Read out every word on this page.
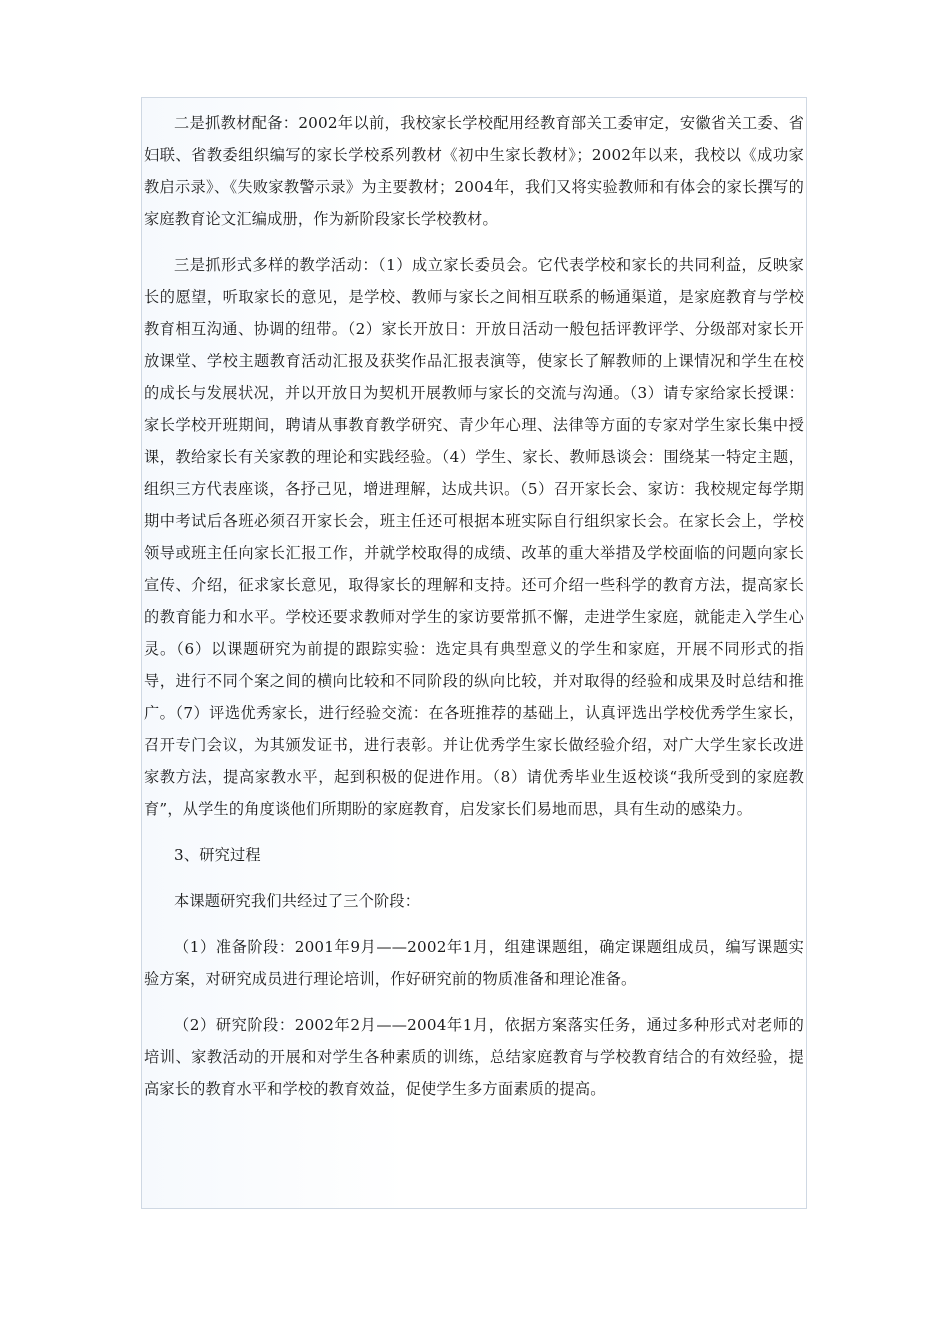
二是抓教材配备：2002年以前，我校家长学校配用经教育部关工委审定，安徽省关工委、省妇联、省教委组织编写的家长学校系列教材《初中生家长教材》；2002年以来，我校以《成功家教启示录》、《失败家教警示录》为主要教材；2004年，我们又将实验教师和有体会的家长撰写的家庭教育论文汇编成册，作为新阶段家长学校教材。

三是抓形式多样的教学活动：（1）成立家长委员会。它代表学校和家长的共同利益，反映家长的愿望，听取家长的意见，是学校、教师与家长之间相互联系的畅通渠道，是家庭教育与学校教育相互沟通、协调的纽带。（2）家长开放日：开放日活动一般包括评教评学、分级部对家长开放课堂、学校主题教育活动汇报及获奖作品汇报表演等，使家长了解教师的上课情况和学生在校的成长与发展状况，并以开放日为契机开展教师与家长的交流与沟通。（3）请专家给家长授课：家长学校开班期间，聘请从事教育教学研究、青少年心理、法律等方面的专家对学生家长集中授课，教给家长有关家教的理论和实践经验。（4）学生、家长、教师恳谈会：围绕某一特定主题，组织三方代表座谈，各抒己见，增进理解，达成共识。（5）召开家长会、家访：我校规定每学期期中考试后各班必须召开家长会，班主任还可根据本班实际自行组织家长会。在家长会上，学校领导或班主任向家长汇报工作，并就学校取得的成绩、改革的重大举措及学校面临的问题向家长宣传、介绍，征求家长意见，取得家长的理解和支持。还可介绍一些科学的教育方法，提高家长的教育能力和水平。学校还要求教师对学生的家访要常抓不懈，走进学生家庭，就能走入学生心灵。（6）以课题研究为前提的跟踪实验：选定具有典型意义的学生和家庭，开展不同形式的指导，进行不同个案之间的横向比较和不同阶段的纵向比较，并对取得的经验和成果及时总结和推广。（7）评选优秀家长，进行经验交流：在各班推荐的基础上，认真评选出学校优秀学生家长，召开专门会议，为其颁发证书，进行表彰。并让优秀学生家长做经验介绍，对广大学生家长改进家教方法，提高家教水平，起到积极的促进作用。（8）请优秀毕业生返校谈“我所受到的家庭教育”，从学生的角度谈他们所期盼的家庭教育，启发家长们易地而思，具有生动的感染力。

3、研究过程

本课题研究我们共经过了三个阶段：

（1）准备阶段：2001年9月——2002年1月，组建课题组，确定课题组成员，编写课题实验方案，对研究成员进行理论培训，作好研究前的物质准备和理论准备。

（2）研究阶段：2002年2月——2004年1月，依据方案落实任务，通过多种形式对老师的培训、家教活动的开展和对学生各种素质的训练，总结家庭教育与学校教育结合的有效经验，提高家长的教育水平和学校的教育效益，促使学生多方面素质的提高。
